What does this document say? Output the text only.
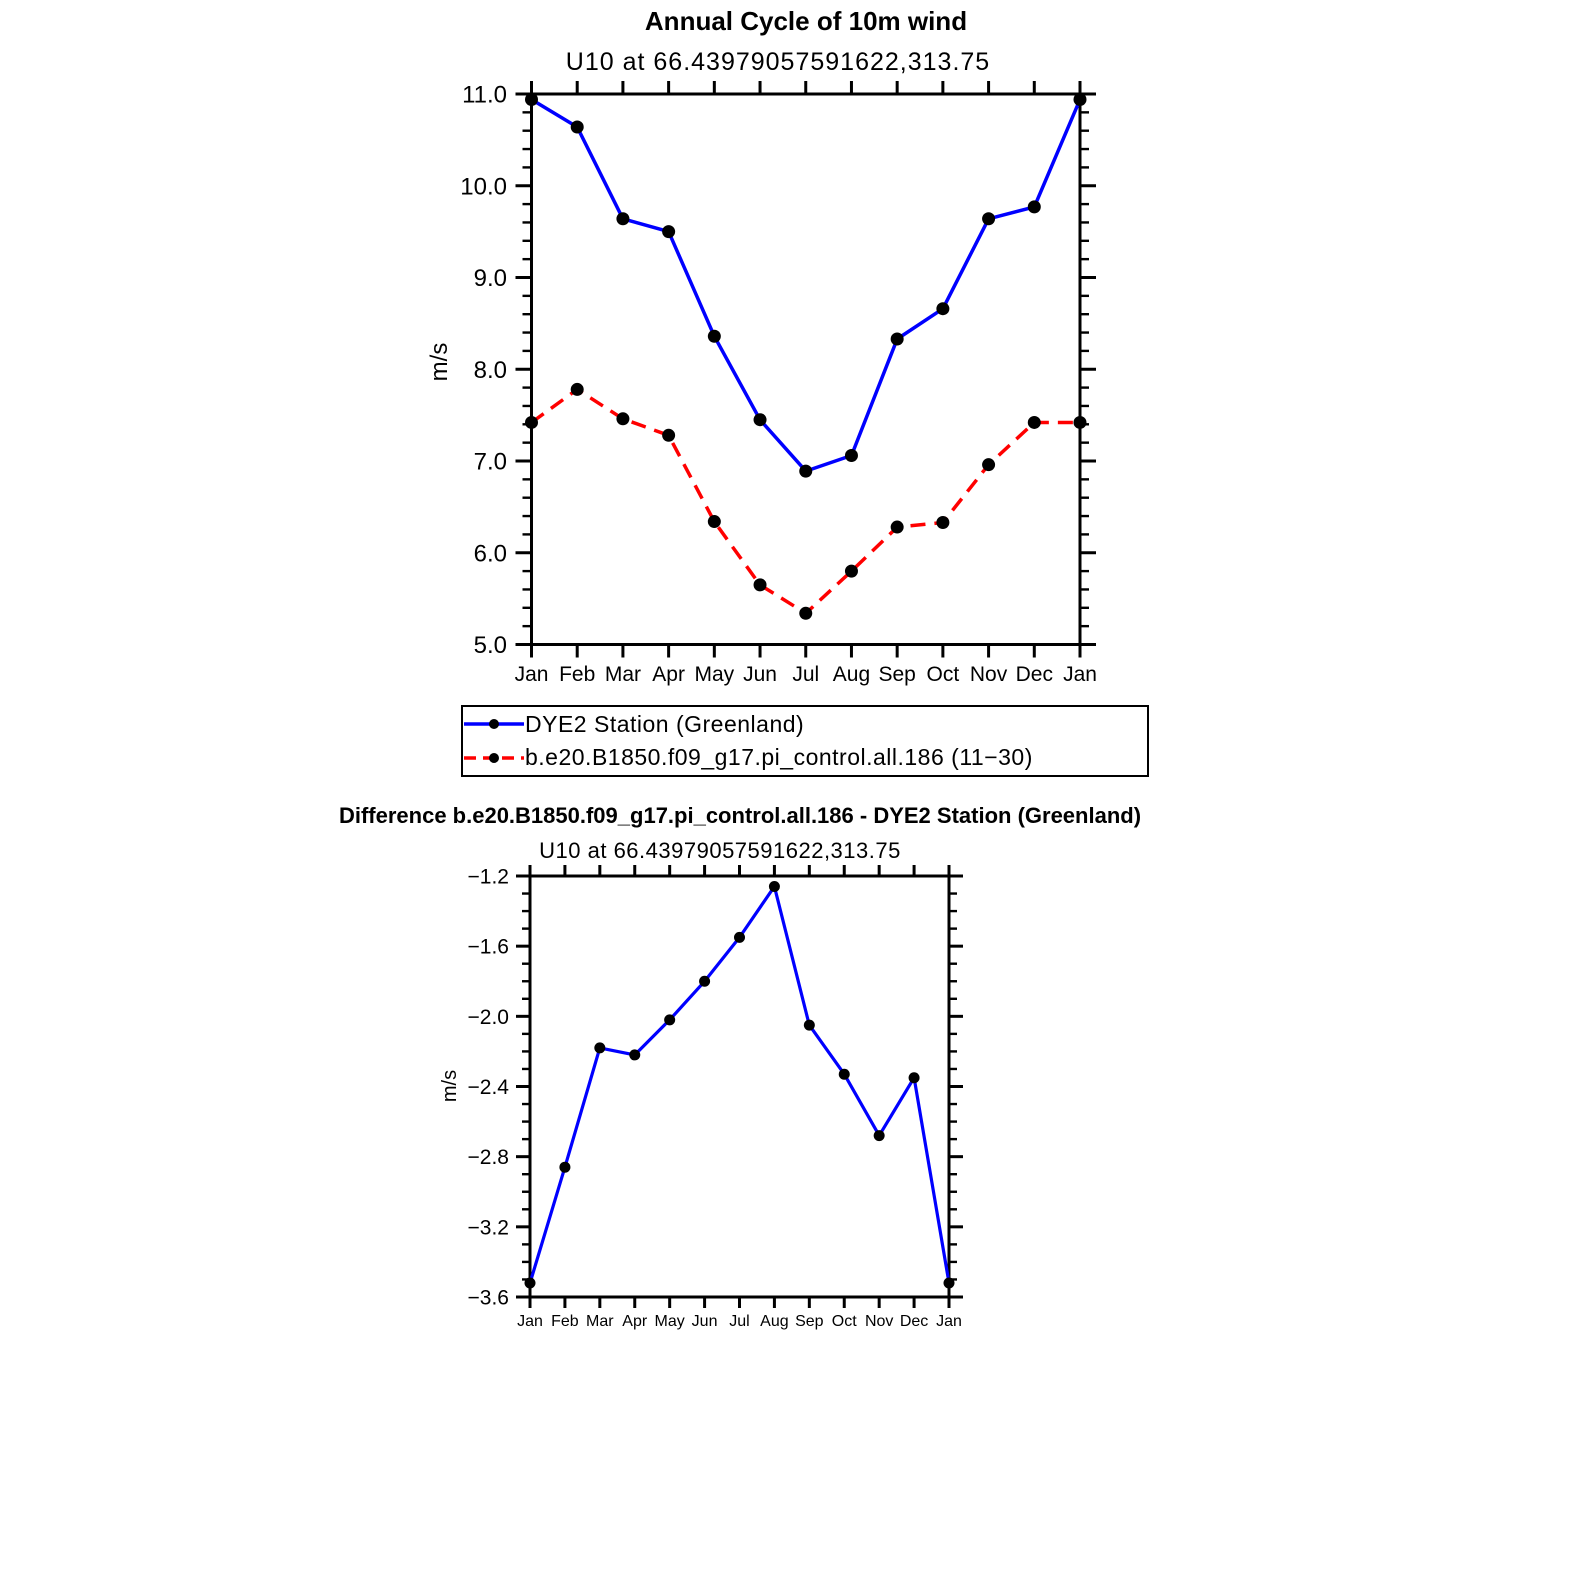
Annual Cycle of 10m wind
U10 at 66.43979057591622,313.75
m/s
Difference b.e20.B1850.f09_g17.pi_control.all.186 - DYE2 Station (Greenland)
U10 at 66.43979057591622,313.75
m/s
11.0
10.0
9.0
8.0
7.0
6.0
5.0
Jan Feb Mar Apr May Jun Jul Aug Sep Oct Nov Dec Jan
−1.2
−1.6
−2.0
−2.4
−2.8
−3.2
−3.6
Jan Feb Mar Apr May Jun Jul Aug Sep Oct Nov Dec Jan
DYE2 Station (Greenland)
b.e20.B1850.f09_g17.pi_control.all.186 (11−30)
